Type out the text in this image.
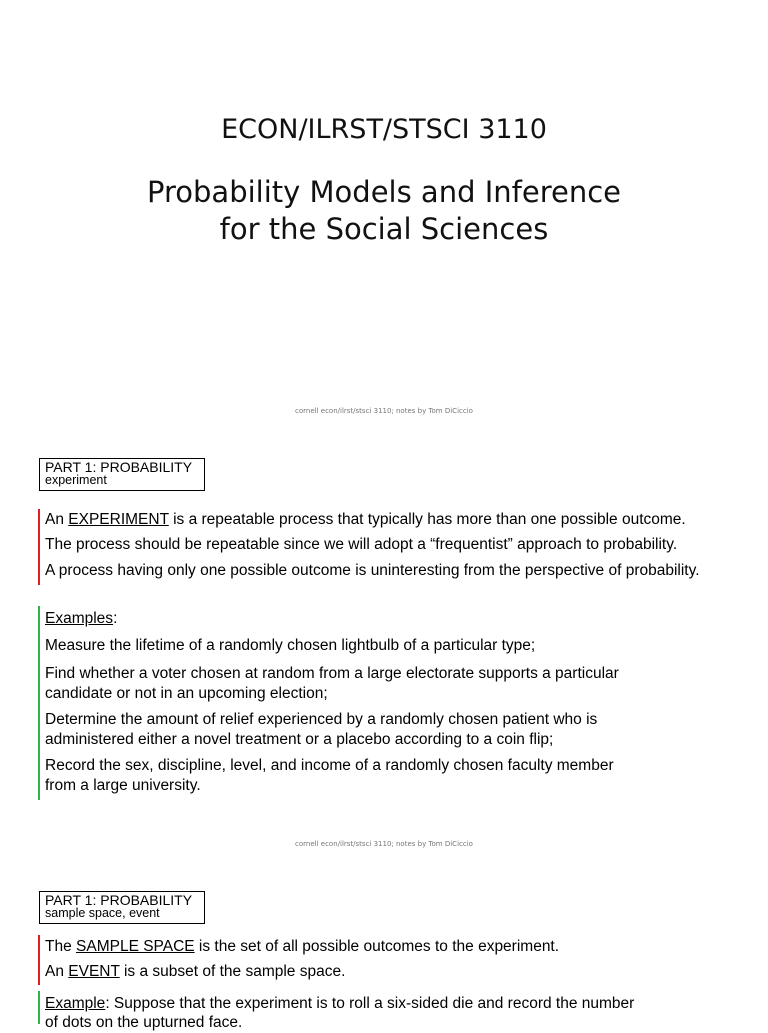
ECON/ILRST/STSCI 3110
Probability Models and Inference
for the Social Sciences
cornell econ/ilrst/stsci 3110; notes by Tom DiCiccio
PART 1: PROBABILITY
experiment
An EXPERIMENT is a repeatable process that typically has more than one possible outcome.
The process should be repeatable since we will adopt a “frequentist” approach to probability.
A process having only one possible outcome is uninteresting from the perspective of probability.
Examples:
Measure the lifetime of a randomly chosen lightbulb of a particular type;
Find whether a voter chosen at random from a large electorate supports a particular
candidate or not in an upcoming election;
Determine the amount of relief experienced by a randomly chosen patient who is
administered either a novel treatment or a placebo according to a coin flip;
Record the sex, discipline, level, and income of a randomly chosen faculty member
from a large university.
cornell econ/ilrst/stsci 3110; notes by Tom DiCiccio
PART 1: PROBABILITY
sample space, event
The SAMPLE SPACE is the set of all possible outcomes to the experiment.
An EVENT is a subset of the sample space.
Example: Suppose that the experiment is to roll a six-sided die and record the number
of dots on the upturned face.
